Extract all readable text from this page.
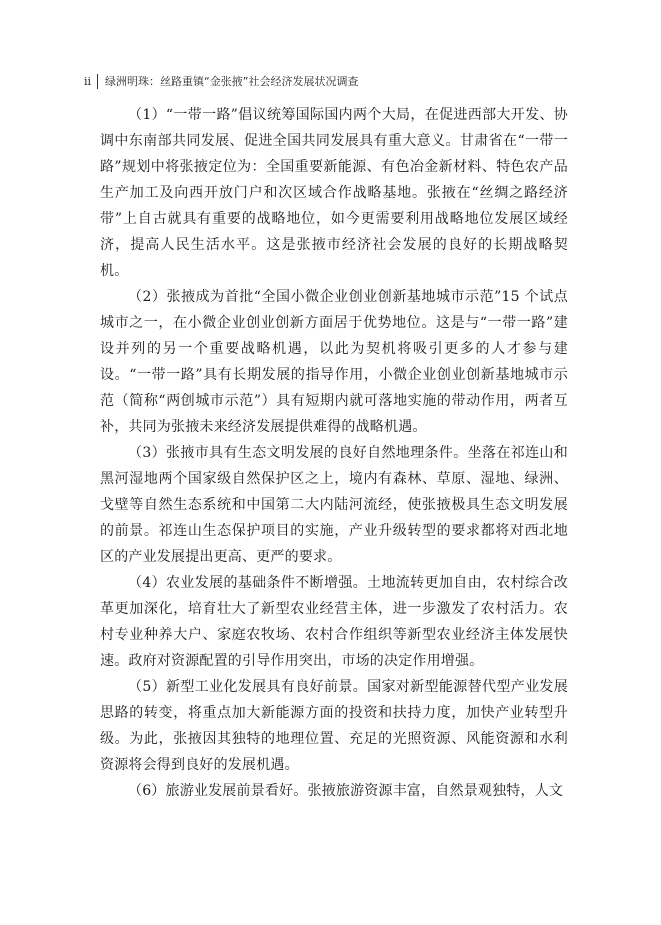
ii 绿洲明珠：丝路重镇“金张掖”社会经济发展状况调查

（1）“一带一路”倡议统筹国际国内两个大局，在促进西部大开发、协调中东南部共同发展、促进全国共同发展具有重大意义。甘肃省在“一带一路”规划中将张掖定位为：全国重要新能源、有色冶金新材料、特色农产品生产加工及向西开放门户和次区域合作战略基地。张掖在“丝绸之路经济带”上自古就具有重要的战略地位，如今更需要利用战略地位发展区域经济，提高人民生活水平。这是张掖市经济社会发展的良好的长期战略契机。

（2）张掖成为首批“全国小微企业创业创新基地城市示范”15 个试点城市之一，在小微企业创业创新方面居于优势地位。这是与“一带一路”建设并列的另一个重要战略机遇，以此为契机将吸引更多的人才参与建设。“一带一路”具有长期发展的指导作用，小微企业创业创新基地城市示范（简称“两创城市示范”）具有短期内就可落地实施的带动作用，两者互补，共同为张掖未来经济发展提供难得的战略机遇。

（3）张掖市具有生态文明发展的良好自然地理条件。坐落在祁连山和黑河湿地两个国家级自然保护区之上，境内有森林、草原、湿地、绿洲、戈壁等自然生态系统和中国第二大内陆河流经，使张掖极具生态文明发展的前景。祁连山生态保护项目的实施，产业升级转型的要求都将对西北地区的产业发展提出更高、更严的要求。

（4）农业发展的基础条件不断增强。土地流转更加自由，农村综合改革更加深化，培育壮大了新型农业经营主体，进一步激发了农村活力。农村专业种养大户、家庭农牧场、农村合作组织等新型农业经济主体发展快速。政府对资源配置的引导作用突出，市场的决定作用增强。

（5）新型工业化发展具有良好前景。国家对新型能源替代型产业发展思路的转变，将重点加大新能源方面的投资和扶持力度，加快产业转型升级。为此，张掖因其独特的地理位置、充足的光照资源、风能资源和水利资源将会得到良好的发展机遇。

（6）旅游业发展前景看好。张掖旅游资源丰富，自然景观独特，人文
